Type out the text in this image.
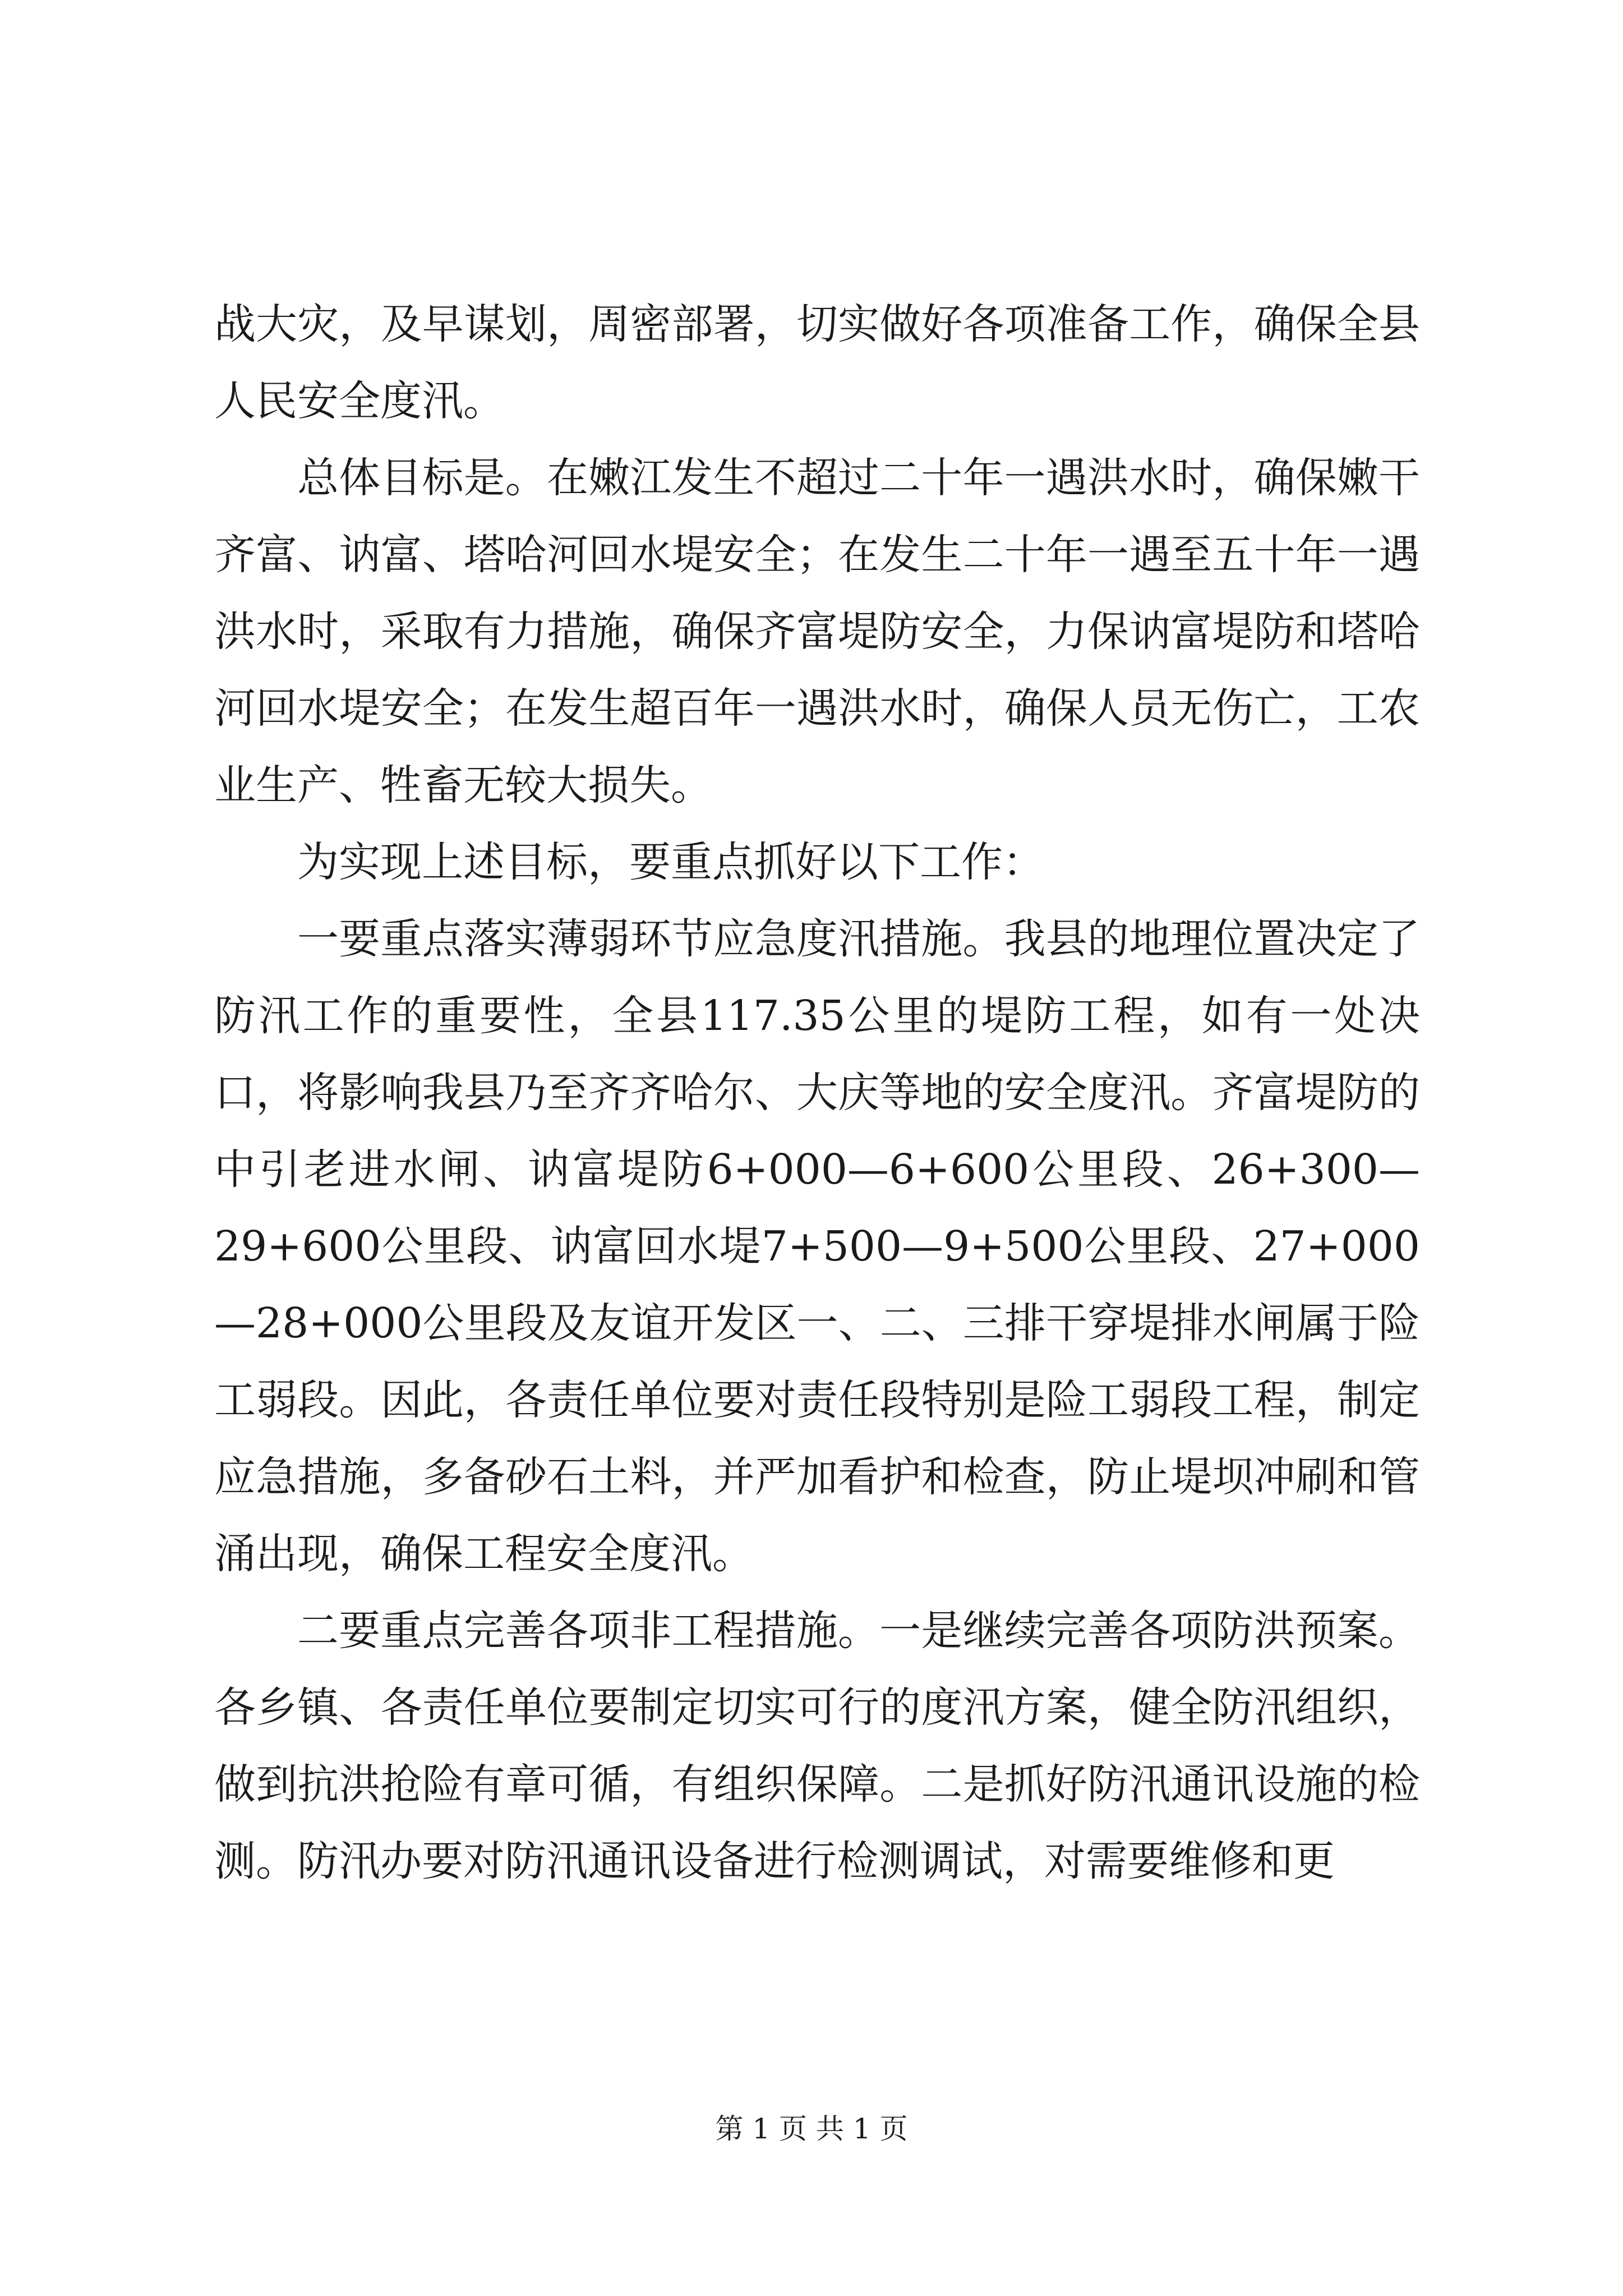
战大灾，及早谋划，周密部署，切实做好各项准备工作，确保全县人民安全度汛。

总体目标是。在嫩江发生不超过二十年一遇洪水时，确保嫩干齐富、讷富、塔哈河回水堤安全；在发生二十年一遇至五十年一遇洪水时，采取有力措施，确保齐富堤防安全，力保讷富堤防和塔哈河回水堤安全；在发生超百年一遇洪水时，确保人员无伤亡，工农业生产、牲畜无较大损失。

为实现上述目标，要重点抓好以下工作：

一要重点落实薄弱环节应急度汛措施。我县的地理位置决定了防汛工作的重要性，全县117.35公里的堤防工程，如有一处决口，将影响我县乃至齐齐哈尔、大庆等地的安全度汛。齐富堤防的中引老进水闸、讷富堤防6+000—6+600公里段、26+300—29+600公里段、讷富回水堤7+500—9+500公里段、27+000—28+000公里段及友谊开发区一、二、三排干穿堤排水闸属于险工弱段。因此，各责任单位要对责任段特别是险工弱段工程，制定应急措施，多备砂石土料，并严加看护和检查，防止堤坝冲刷和管涌出现，确保工程安全度汛。

二要重点完善各项非工程措施。一是继续完善各项防洪预案。各乡镇、各责任单位要制定切实可行的度汛方案，健全防汛组织，做到抗洪抢险有章可循，有组织保障。二是抓好防汛通讯设施的检测。防汛办要对防汛通讯设备进行检测调试，对需要维修和更

第 1 页 共 1 页
